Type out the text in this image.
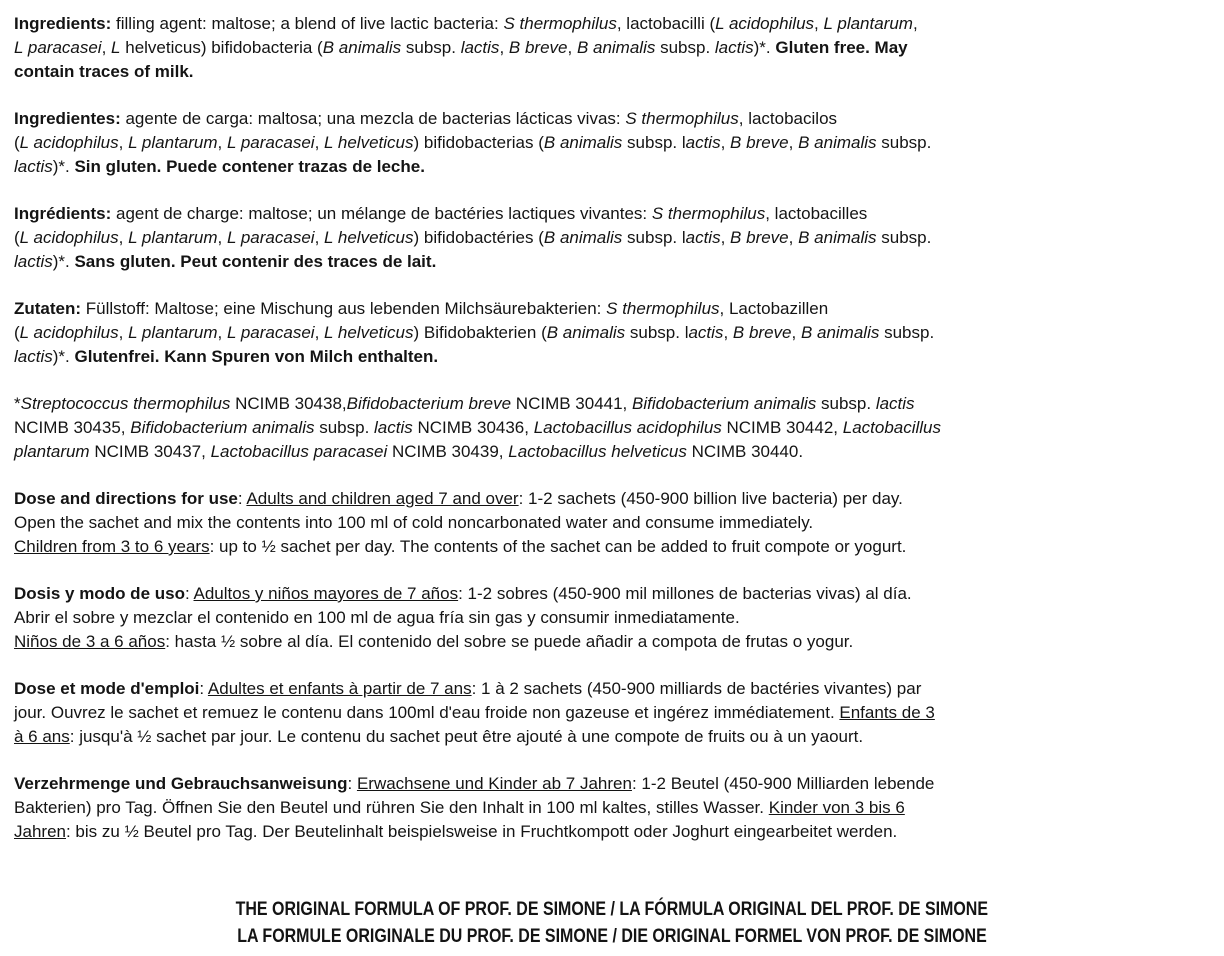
Ingredients: filling agent: maltose; a blend of live lactic bacteria: S thermophilus, lactobacilli (L acidophilus, L plantarum,
L paracasei, L helveticus) bifidobacteria (B animalis subsp. lactis, B breve, B animalis subsp. lactis)*. Gluten free. May
contain traces of milk.

Ingredientes: agente de carga: maltosa; una mezcla de bacterias lácticas vivas: S thermophilus, lactobacilos
(L acidophilus, L plantarum, L paracasei, L helveticus) bifidobacterias (B animalis subsp. lactis, B breve, B animalis subsp.
lactis)*. Sin gluten. Puede contener trazas de leche.

Ingrédients: agent de charge: maltose; un mélange de bactéries lactiques vivantes: S thermophilus, lactobacilles
(L acidophilus, L plantarum, L paracasei, L helveticus) bifidobactéries (B animalis subsp. lactis, B breve, B animalis subsp.
lactis)*. Sans gluten. Peut contenir des traces de lait.

Zutaten: Füllstoff: Maltose; eine Mischung aus lebenden Milchsäurebakterien: S thermophilus, Lactobazillen
(L acidophilus, L plantarum, L paracasei, L helveticus) Bifidobakterien (B animalis subsp. lactis, B breve, B animalis subsp.
lactis)*. Glutenfrei. Kann Spuren von Milch enthalten.

*Streptococcus thermophilus NCIMB 30438,Bifidobacterium breve NCIMB 30441, Bifidobacterium animalis subsp. lactis
NCIMB 30435, Bifidobacterium animalis subsp. lactis NCIMB 30436, Lactobacillus acidophilus NCIMB 30442, Lactobacillus
plantarum NCIMB 30437, Lactobacillus paracasei NCIMB 30439, Lactobacillus helveticus NCIMB 30440.

Dose and directions for use: Adults and children aged 7 and over: 1-2 sachets (450-900 billion live bacteria) per day.
Open the sachet and mix the contents into 100 ml of cold noncarbonated water and consume immediately.
Children from 3 to 6 years: up to ½ sachet per day. The contents of the sachet can be added to fruit compote or yogurt.

Dosis y modo de uso: Adultos y niños mayores de 7 años: 1-2 sobres (450-900 mil millones de bacterias vivas) al día.
Abrir el sobre y mezclar el contenido en 100 ml de agua fría sin gas y consumir inmediatamente.
Niños de 3 a 6 años: hasta ½ sobre al día. El contenido del sobre se puede añadir a compota de frutas o yogur.

Dose et mode d'emploi: Adultes et enfants à partir de 7 ans: 1 à 2 sachets (450-900 milliards de bactéries vivantes) par
jour. Ouvrez le sachet et remuez le contenu dans 100ml d'eau froide non gazeuse et ingérez immédiatement. Enfants de 3
à 6 ans: jusqu'à ½ sachet par jour. Le contenu du sachet peut être ajouté à une compote de fruits ou à un yaourt.

Verzehrmenge und Gebrauchsanweisung: Erwachsene und Kinder ab 7 Jahren: 1-2 Beutel (450-900 Milliarden lebende
Bakterien) pro Tag. Öffnen Sie den Beutel und rühren Sie den Inhalt in 100 ml kaltes, stilles Wasser. Kinder von 3 bis 6
Jahren: bis zu ½ Beutel pro Tag. Der Beutelinhalt beispielsweise in Fruchtkompott oder Joghurt eingearbeitet werden.

THE ORIGINAL FORMULA OF PROF. DE SIMONE / LA FÓRMULA ORIGINAL DEL PROF. DE SIMONE
LA FORMULE ORIGINALE DU PROF. DE SIMONE / DIE ORIGINAL FORMEL VON PROF. DE SIMONE
